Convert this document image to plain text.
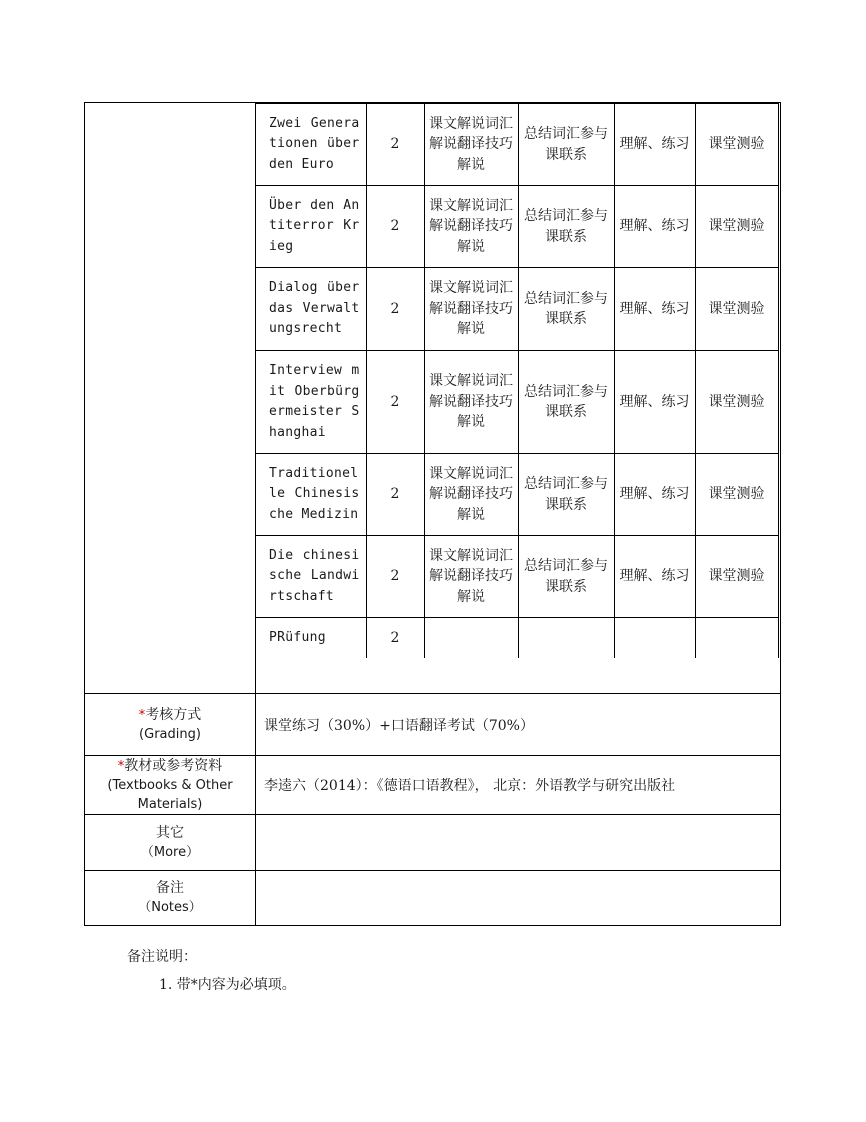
Zwei Generationen über den Euro	2	课文解说词汇解说翻译技巧解说	总结词汇参与课联系	理解、练习	课堂测验
Über den Antiterror Krieg	2	课文解说词汇解说翻译技巧解说	总结词汇参与课联系	理解、练习	课堂测验
Dialog über das Verwaltungsrecht	2	课文解说词汇解说翻译技巧解说	总结词汇参与课联系	理解、练习	课堂测验
Interview mit Oberbürgermeister Shanghai	2	课文解说词汇解说翻译技巧解说	总结词汇参与课联系	理解、练习	课堂测验
Traditionelle Chinesische Medizin	2	课文解说词汇解说翻译技巧解说	总结词汇参与课联系	理解、练习	课堂测验
Die chinesische Landwirtschaft	2	课文解说词汇解说翻译技巧解说	总结词汇参与课联系	理解、练习	课堂测验
PRüfung	2				

*考核方式
(Grading)
	课堂练习（30%）+口语翻译考试（70%）

*教材或参考资料
(Textbooks & Other
Materials)
	李逵六（2014）：《德语口语教程》， 北京：外语教学与研究出版社

其它
（More）

备注
（Notes）

备注说明：
1. 带*内容为必填项。
